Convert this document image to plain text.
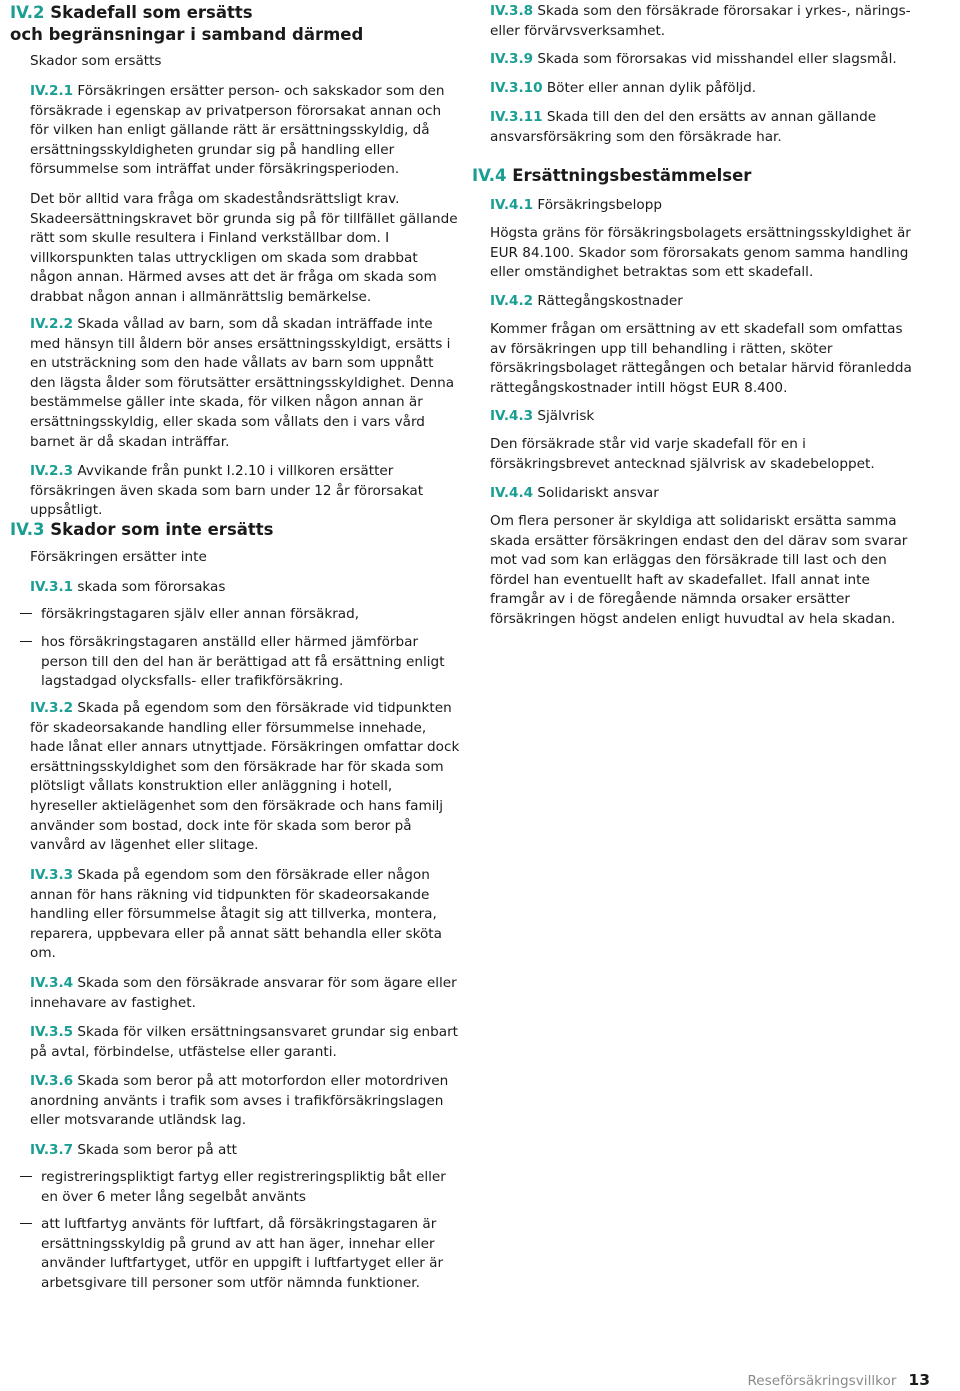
IV.2 Skadefall som ersätts
och begränsningar i samband därmed
Skador som ersätts

IV.2.1 Försäkringen ersätter person- och sakskador som den försäkrade i egenskap av privatperson förorsakat annan och för vilken han enligt gällande rätt är ersättningsskyldig, då ersättningsskyldigheten grundar sig på handling eller försummelse som inträffat under försäkringsperioden.

Det bör alltid vara fråga om skadeståndsrättsligt krav. Skadeersättningskravet bör grunda sig på för tillfället gällande rätt som skulle resultera i Finland verkställbar dom. I villkorspunkten talas uttryckligen om skada som drabbat någon annan. Härmed avses att det är fråga om skada som drabbat någon annan i allmänrättslig bemärkelse.

IV.2.2 Skada vållad av barn, som då skadan inträffade inte med hänsyn till åldern bör anses ersättningsskyldigt, ersätts i en utsträckning som den hade vållats av barn som uppnått den lägsta ålder som förutsätter ersättningsskyldighet. Denna bestämmelse gäller inte skada, för vilken någon annan är ersättningsskyldig, eller skada som vållats den i vars vård barnet är då skadan inträffar.

IV.2.3 Avvikande från punkt I.2.10 i villkoren ersätter försäkringen även skada som barn under 12 år förorsakat uppsåtligt.

IV.3 Skador som inte ersätts
Försäkringen ersätter inte

IV.3.1 skada som förorsakas

försäkringstagaren själv eller annan försäkrad,

hos försäkringstagaren anställd eller härmed jämförbar person till den del han är berättigad att få ersättning enligt lagstadgad olycksfalls- eller trafikförsäkring.

IV.3.2 Skada på egendom som den försäkrade vid tidpunkten för skadeorsakande handling eller försummelse innehade, hade lånat eller annars utnyttjade. Försäkringen omfattar dock ersättningsskyldighet som den försäkrade har för skada som plötsligt vållats konstruktion eller anläggning i hotell, hyreseller aktielägenhet som den försäkrade och hans familj använder som bostad, dock inte för skada som beror på vanvård av lägenhet eller slitage.

IV.3.3 Skada på egendom som den försäkrade eller någon annan för hans räkning vid tidpunkten för skadeorsakande handling eller försummelse åtagit sig att tillverka, montera, reparera, uppbevara eller på annat sätt behandla eller sköta om.

IV.3.4 Skada som den försäkrade ansvarar för som ägare eller innehavare av fastighet.

IV.3.5 Skada för vilken ersättningsansvaret grundar sig enbart på avtal, förbindelse, utfästelse eller garanti.

IV.3.6 Skada som beror på att motorfordon eller motordriven anordning använts i trafik som avses i trafikförsäkringslagen eller motsvarande utländsk lag.

IV.3.7 Skada som beror på att

registreringspliktigt fartyg eller registreringspliktig båt eller en över 6 meter lång segelbåt använts

att luftfartyg använts för luftfart, då försäkringstagaren är ersättningsskyldig på grund av att han äger, innehar eller använder luftfartyget, utför en uppgift i luftfartyget eller är arbetsgivare till personer som utför nämnda funktioner.

IV.3.8 Skada som den försäkrade förorsakar i yrkes-, närings- eller förvärvsverksamhet.

IV.3.9 Skada som förorsakas vid misshandel eller slagsmål.

IV.3.10 Böter eller annan dylik påföljd.

IV.3.11 Skada till den del den ersätts av annan gällande ansvarsförsäkring som den försäkrade har.

IV.4 Ersättningsbestämmelser

IV.4.1 Försäkringsbelopp

Högsta gräns för försäkringsbolagets ersättningsskyldighet är EUR 84.100. Skador som förorsakats genom samma handling eller omständighet betraktas som ett skadefall.

IV.4.2 Rättegångskostnader

Kommer frågan om ersättning av ett skadefall som omfattas av försäkringen upp till behandling i rätten, sköter försäkringsbolaget rättegången och betalar härvid föranledda rättegångskostnader intill högst EUR 8.400.

IV.4.3 Självrisk

Den försäkrade står vid varje skadefall för en i försäkringsbrevet antecknad självrisk av skadebeloppet.

IV.4.4 Solidariskt ansvar

Om flera personer är skyldiga att solidariskt ersätta samma skada ersätter försäkringen endast den del därav som svarar mot vad som kan erläggas den försäkrade till last och den fördel han eventuellt haft av skadefallet. Ifall annat inte framgår av i de föregående nämnda orsaker ersätter försäkringen högst andelen enligt huvudtal av hela skadan.

Reseförsäkringsvillkor 13
